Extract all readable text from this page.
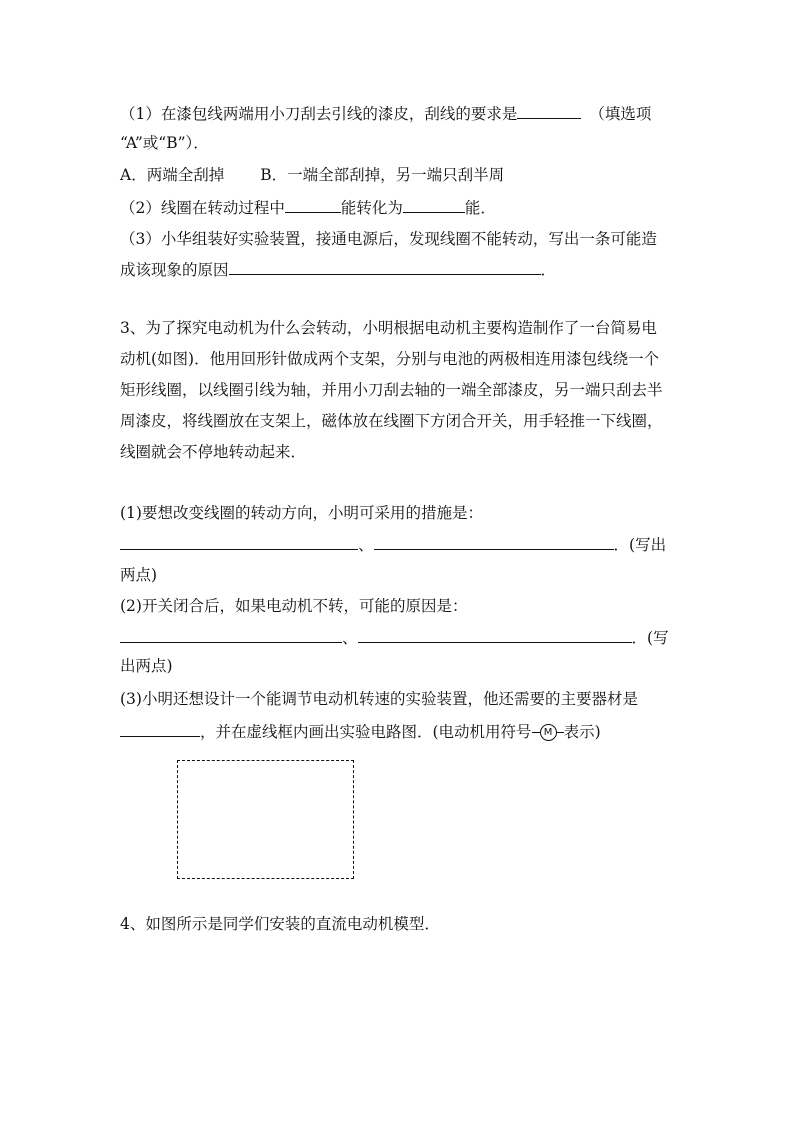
（1）在漆包线两端用小刀刮去引线的漆皮，刮线的要求是	（填选项
“A”或“B”）．
A．两端全刮掉 B．一端全部刮掉，另一端只刮半周
（2）线圈在转动过程中	能转化为	能．
（3）小华组装好实验装置，接通电源后，发现线圈不能转动，写出一条可能造
成该现象的原因	．
3、为了探究电动机为什么会转动，小明根据电动机主要构造制作了一台简易电
动机(如图)．他用回形针做成两个支架，分别与电池的两极相连用漆包线绕一个
矩形线圈，以线圈引线为轴，并用小刀刮去轴的一端全部漆皮，另一端只刮去半
周漆皮，将线圈放在支架上，磁体放在线圈下方闭合开关，用手轻推一下线圈，
线圈就会不停地转动起来．
(1)要想改变线圈的转动方向，小明可采用的措施是：
、	．(写出
两点)
(2)开关闭合后，如果电动机不转，可能的原因是：
、	．(写
出两点)
(3)小明还想设计一个能调节电动机转速的实验装置，他还需要的主要器材是
，并在虚线框内画出实验电路图．(电动机用符号	M 表示)
4、如图所示是同学们安装的直流电动机模型．
